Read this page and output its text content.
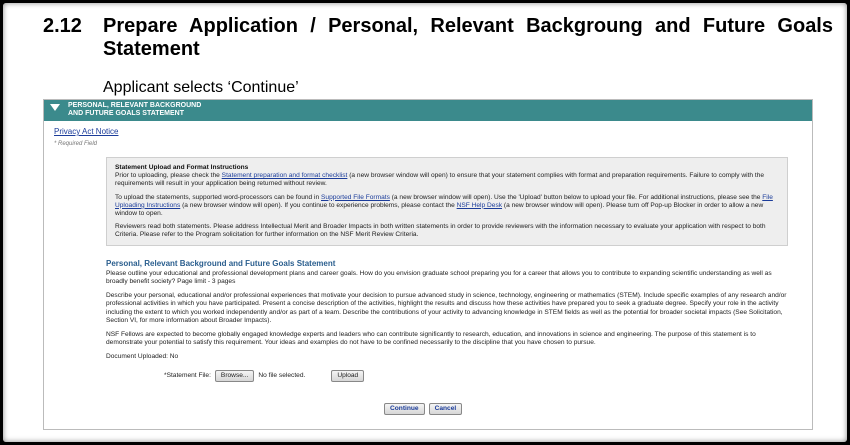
2.12	Prepare Application / Personal, Relevant Backgroung and Future Goals Statement
Applicant selects ‘Continue’
PERSONAL, RELEVANT BACKGROUND
AND FUTURE GOALS STATEMENT
Privacy Act Notice
* Required Field
Statement Upload and Format Instructions

Prior to uploading, please check the Statement preparation and format checklist (a new browser window will open) to ensure that your statement complies with format and preparation requirements. Failure to comply with the requirements will result in your application being returned without review.

To upload the statements, supported word-processors can be found in Supported File Formats (a new browser window will open). Use the 'Upload' button below to upload your file. For additional instructions, please see the File Uploading Instructions (a new browser window will open). If you continue to experience problems, please contact the NSF Help Desk (a new browser window will open). Please turn off Pop-up Blocker in order to allow a new window to open.

Reviewers read both statements. Please address Intellectual Merit and Broader Impacts in both written statements in order to provide reviewers with the information necessary to evaluate your application with respect to both Criteria. Please refer to the Program solicitation for further information on the NSF Merit Review Criteria.

Personal, Relevant Background and Future Goals Statement

Please outline your educational and professional development plans and career goals. How do you envision graduate school preparing you for a career that allows you to contribute to expanding scientific understanding as well as broadly benefit society? Page limit - 3 pages

Describe your personal, educational and/or professional experiences that motivate your decision to pursue advanced study in science, technology, engineering or mathematics (STEM). Include specific examples of any research and/or professional activities in which you have participated. Present a concise description of the activities, highlight the results and discuss how these activities have prepared you to seek a graduate degree. Specify your role in the activity including the extent to which you worked independently and/or as part of a team. Describe the contributions of your activity to advancing knowledge in STEM fields as well as the potential for broader societal impacts (See Solicitation, Section VI, for more information about Broader Impacts).

NSF Fellows are expected to become globally engaged knowledge experts and leaders who can contribute significantly to research, education, and innovations in science and engineering. The purpose of this statement is to demonstrate your potential to satisfy this requirement. Your ideas and examples do not have to be confined necessarily to the discipline that you have chosen to pursue.

Document Uploaded: No

*Statement File:	Browse...	No file selected.	Upload
Continue	Cancel
